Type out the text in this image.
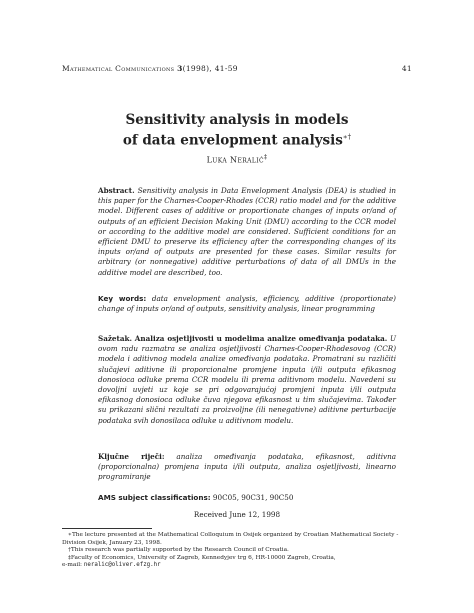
Mathematical Communications 3(1998), 41-59	41
Sensitivity analysis in models
of data envelopment analysis∗†
Luka Neralić‡
Abstract. Sensitivity analysis in Data Envelopment Analysis (DEA) is studied in this paper for the Charnes-Cooper-Rhodes (CCR) ratio model and for the additive model. Different cases of additive or proportionate changes of inputs or/and of outputs of an efficient Decision Making Unit (DMU) according to the CCR model or according to the additive model are considered. Sufficient conditions for an efficient DMU to preserve its efficiency after the corresponding changes of its inputs or/and of outputs are presented for these cases. Similar results for arbitrary (or nonnegative) additive perturbations of data of all DMUs in the additive model are described, too.
Key words: data envelopment analysis, efficiency, additive (proportionate) change of inputs or/and of outputs, sensitivity analysis, linear programming
Sažetak. Analiza osjetljivosti u modelima analize omeđivanja podataka. U ovom radu razmatra se analiza osjetljivosti Charnes-Cooper-Rhodesovog (CCR) modela i aditivnog modela analize omeđivanja podataka. Promatrani su različiti slučajevi aditivne ili proporcionalne promjene inputa i/ili outputa efikasnog donosioca odluke prema CCR modelu ili prema aditivnom modelu. Navedeni su dovoljni uvjeti uz koje se pri odgovarajućoj promjeni inputa i/ili outputa efikasnog donosioca odluke čuva njegova efikasnost u tim slučajevima. Također su prikazani slični rezultati za proizvoljne (ili nenegativne) aditivne perturbacije podataka svih donosilaca odluke u aditivnom modelu.
Ključne riječi: analiza omeđivanja podataka, efikasnost, aditivna (proporcionalna) promjena inputa i/ili outputa, analiza osjetljivosti, linearno programiranje
AMS subject classifications: 90C05, 90C31, 90C50
Received June 12, 1998
∗The lecture presented at the Mathematical Colloquium in Osijek organized by Croatian Mathematical Society - Division Osijek, January 23, 1998.
†This research was partially supported by the Research Council of Croatia.
‡Faculty of Economics, University of Zagreb, Kennedyjev trg 6, HR-10000 Zagreb, Croatia,
e-mail: neralic@oliver.efzg.hr
